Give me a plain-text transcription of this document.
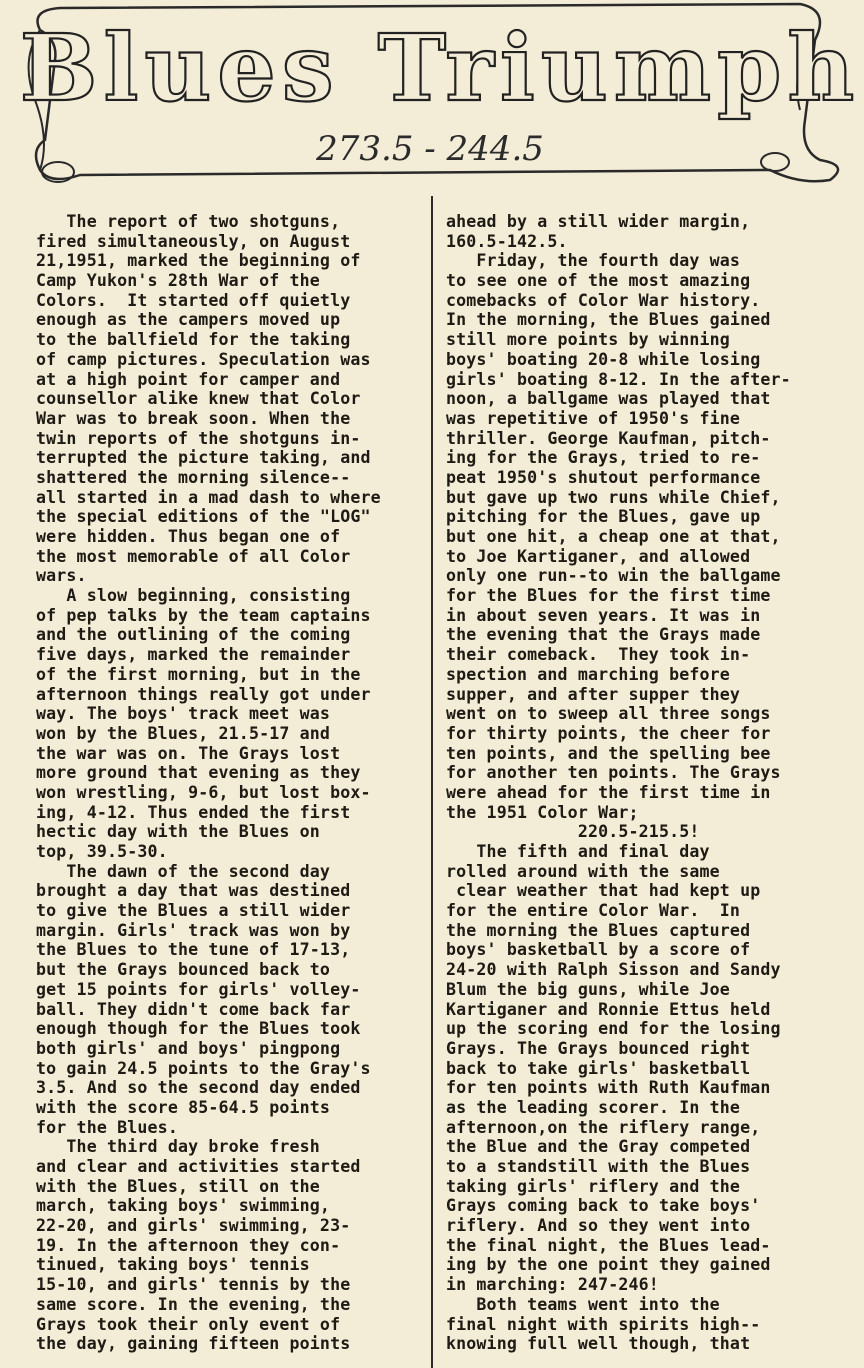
Blues Triumph
273.5 - 244.5
The report of two shotguns,
fired simultaneously, on August
21,1951, marked the beginning of
Camp Yukon's 28th War of the
Colors.  It started off quietly
enough as the campers moved up
to the ballfield for the taking
of camp pictures. Speculation was
at a high point for camper and
counsellor alike knew that Color
War was to break soon. When the
twin reports of the shotguns in-
terrupted the picture taking, and
shattered the morning silence--
all started in a mad dash to where
the special editions of the "LOG"
were hidden. Thus began one of
the most memorable of all Color
wars.
A slow beginning, consisting
of pep talks by the team captains
and the outlining of the coming
five days, marked the remainder
of the first morning, but in the
afternoon things really got under
way. The boys' track meet was
won by the Blues, 21.5-17 and
the war was on. The Grays lost
more ground that evening as they
won wrestling, 9-6, but lost box-
ing, 4-12. Thus ended the first
hectic day with the Blues on
top, 39.5-30.
The dawn of the second day
brought a day that was destined
to give the Blues a still wider
margin. Girls' track was won by
the Blues to the tune of 17-13,
but the Grays bounced back to
get 15 points for girls' volley-
ball. They didn't come back far
enough though for the Blues took
both girls' and boys' pingpong
to gain 24.5 points to the Gray's
3.5. And so the second day ended
with the score 85-64.5 points
for the Blues.
The third day broke fresh
and clear and activities started
with the Blues, still on the
march, taking boys' swimming,
22-20, and girls' swimming, 23-
19. In the afternoon they con-
tinued, taking boys' tennis
15-10, and girls' tennis by the
same score. In the evening, the
Grays took their only event of
the day, gaining fifteen points
ahead by a still wider margin,
160.5-142.5.
Friday, the fourth day was
to see one of the most amazing
comebacks of Color War history.
In the morning, the Blues gained
still more points by winning
boys' boating 20-8 while losing
girls' boating 8-12. In the after-
noon, a ballgame was played that
was repetitive of 1950's fine
thriller. George Kaufman, pitch-
ing for the Grays, tried to re-
peat 1950's shutout performance
but gave up two runs while Chief,
pitching for the Blues, gave up
but one hit, a cheap one at that,
to Joe Kartiganer, and allowed
only one run--to win the ballgame
for the Blues for the first time
in about seven years. It was in
the evening that the Grays made
their comeback.  They took in-
spection and marching before
supper, and after supper they
went on to sweep all three songs
for thirty points, the cheer for
ten points, and the spelling bee
for another ten points. The Grays
were ahead for the first time in
the 1951 Color War;
220.5-215.5!
The fifth and final day
rolled around with the same
clear weather that had kept up
for the entire Color War.  In
the morning the Blues captured
boys' basketball by a score of
24-20 with Ralph Sisson and Sandy
Blum the big guns, while Joe
Kartiganer and Ronnie Ettus held
up the scoring end for the losing
Grays. The Grays bounced right
back to take girls' basketball
for ten points with Ruth Kaufman
as the leading scorer. In the
afternoon,on the riflery range,
the Blue and the Gray competed
to a standstill with the Blues
taking girls' riflery and the
Grays coming back to take boys'
riflery. And so they went into
the final night, the Blues lead-
ing by the one point they gained
in marching: 247-246!
Both teams went into the
final night with spirits high--
knowing full well though, that
